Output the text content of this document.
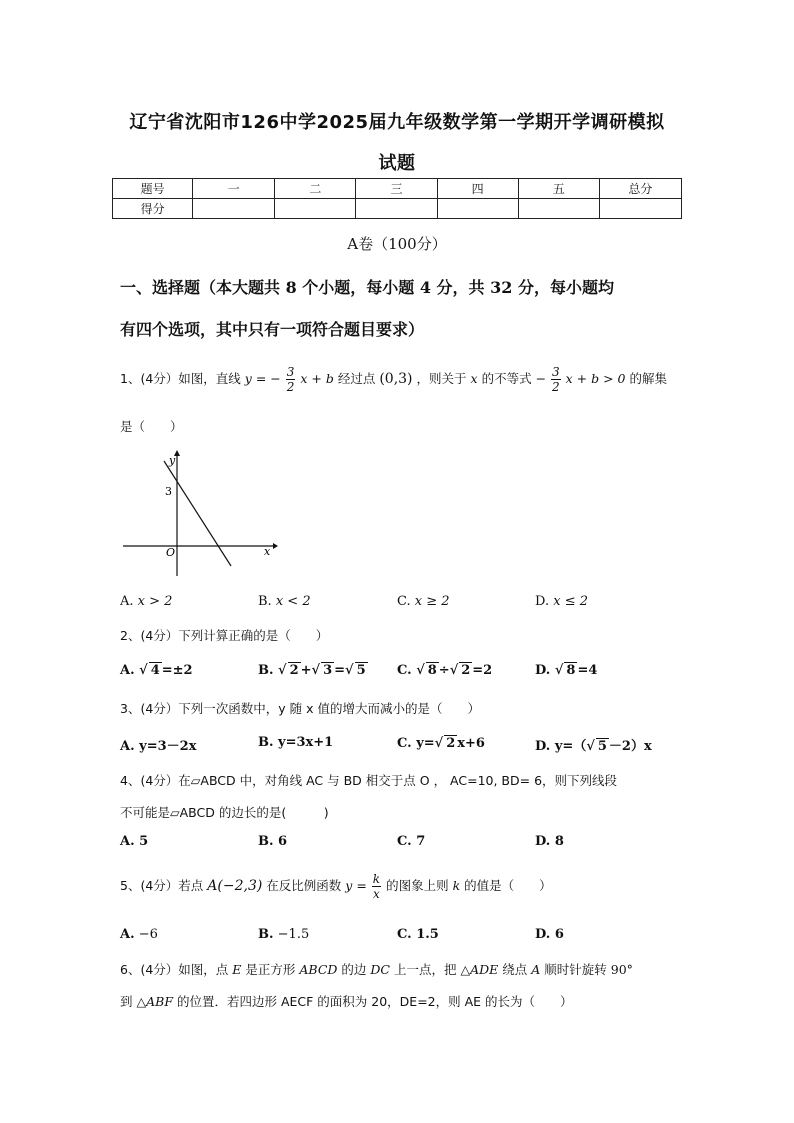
辽宁省沈阳市126中学2025届九年级数学第一学期开学调研模拟
试题
题号	一	二	三	四	五	总分
得分						
A卷（100分）
一、选择题（本大题共 8 个小题，每小题 4 分，共 32 分，每小题均
有四个选项，其中只有一项符合题目要求）
1、(4分）如图，直线 y = − $\frac{3}{2}$ x + b 经过点 (0,3) ，则关于 x 的不等式 − $\frac{3}{2}$ x + b > 0 的解集
是（　　）
y
x
O
3
A. x > 2	B. x < 2	C. x ≥ 2	D. x ≤ 2
2、(4分）下列计算正确的是（　　）
A. √ 4 =±2	B. √ 2 +√ 3 =√ 5 C. √ 8 ÷√ 2 =2	D. √ 8 =4
3、(4分）下列一次函数中，y 随 x 值的增大而减小的是（　　）
A. y=3－2x	B. y=3x+1	C. y=√ 2 x+6	D. y=（√ 5 －2）x
4、(4分）在▱ABCD 中，对角线 AC 与 BD 相交于点 O ， AC=10, BD= 6，则下列线段
不可能是▱ABCD 的边长的是(　　　)
A. 5	B. 6	C. 7	D. 8
5、(4分）若点 A(−2,3) 在反比例函数 $y = \frac{k}{x}$ 的图象上则 k 的值是（　　）
A. −6	B. −1.5	C. 1.5	D. 6
6、(4分）如图，点 E 是正方形 ABCD 的边 DC 上一点，把 △ADE 绕点 A 顺时针旋转 90°
到 △ABF 的位置．若四边形 AECF 的面积为 20，DE=2，则 AE 的长为（　　）
